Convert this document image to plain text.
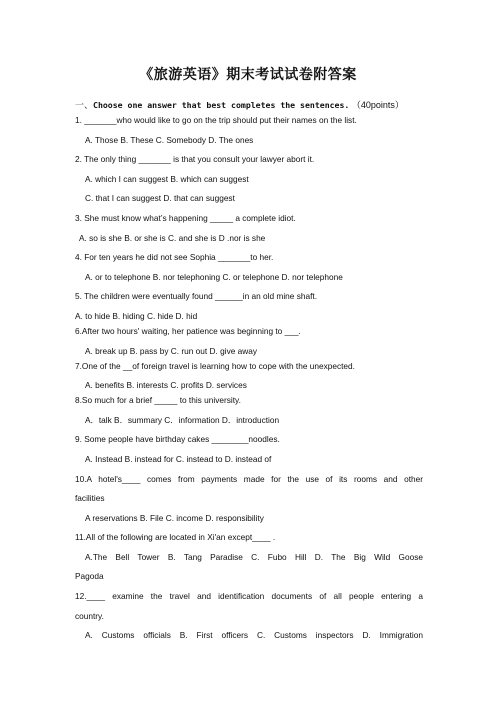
《旅游英语》期末考试试卷附答案
一、Choose one answer that best completes the sentences. （40points）
1. _______who would like to go on the trip should put their names on the list.
A. Those B. These C. Somebody D. The ones
2. The only thing _______ is that you consult your lawyer abort it.
A. which I can suggest B. which can suggest
C. that I can suggest D. that can suggest
3. She must know what’s happening _____ a complete idiot.
A. so is she B. or she is C. and she is D .nor is she
4. For ten years he did not see Sophia _______to her.
A. or to telephone B. nor telephoning C. or telephone D. nor telephone
5. The children were eventually found ______in an old mine shaft.
A. to hide B. hiding C. hide D. hid
6.After two hours' waiting, her patience was beginning to ___.
A. break up B. pass by C. run out D. give away
7.One of the __of foreign travel is learning how to cope with the unexpected.
A. benefits B. interests C. profits D. services
8.So much for a brief _____ to this university.
A．talk B．summary C．information D．introduction
9. Some people have birthday cakes ________noodles.
A. Instead B. instead for C. instead to D. instead of
10.A hotel's____ comes from payments made for the use of its rooms and other
facilities
A reservations B. File C. income D. responsibility
11.All of the following are located in Xi'an except____ .
A.The Bell Tower B. Tang Paradise C. Fubo Hill D. The Big Wild Goose
Pagoda
12.____ examine the travel and identification documents of all people entering a
country.
A. Customs officials B. First officers C. Customs inspectors D. Immigration
